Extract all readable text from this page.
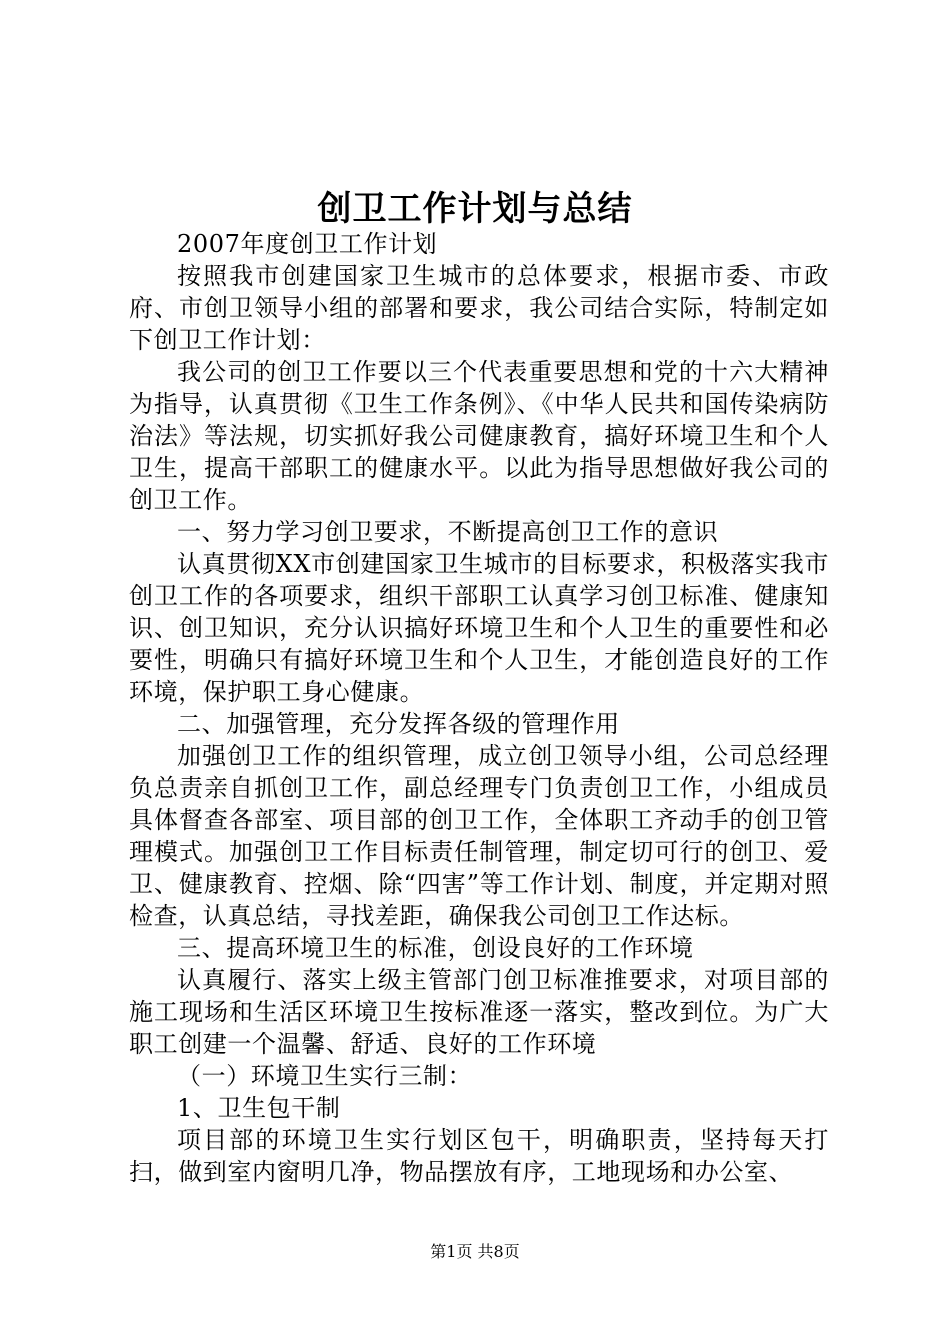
创卫工作计划与总结

2007年度创卫工作计划

按照我市创建国家卫生城市的总体要求，根据市委、市政府、市创卫领导小组的部署和要求，我公司结合实际，特制定如下创卫工作计划：

我公司的创卫工作要以三个代表重要思想和党的十六大精神为指导，认真贯彻《卫生工作条例》、《中华人民共和国传染病防治法》等法规，切实抓好我公司健康教育，搞好环境卫生和个人卫生，提高干部职工的健康水平。以此为指导思想做好我公司的创卫工作。

一、努力学习创卫要求，不断提高创卫工作的意识

认真贯彻XX市创建国家卫生城市的目标要求，积极落实我市创卫工作的各项要求，组织干部职工认真学习创卫标准、健康知识、创卫知识，充分认识搞好环境卫生和个人卫生的重要性和必要性，明确只有搞好环境卫生和个人卫生，才能创造良好的工作环境，保护职工身心健康。

二、加强管理，充分发挥各级的管理作用

加强创卫工作的组织管理，成立创卫领导小组，公司总经理负总责亲自抓创卫工作，副总经理专门负责创卫工作，小组成员具体督查各部室、项目部的创卫工作，全体职工齐动手的创卫管理模式。加强创卫工作目标责任制管理，制定切可行的创卫、爱卫、健康教育、控烟、除“四害”等工作计划、制度，并定期对照检查，认真总结，寻找差距，确保我公司创卫工作达标。

三、提高环境卫生的标准，创设良好的工作环境

认真履行、落实上级主管部门创卫标准推要求，对项目部的施工现场和生活区环境卫生按标准逐一落实，整改到位。为广大职工创建一个温馨、舒适、良好的工作环境

（一）环境卫生实行三制：

1、卫生包干制

项目部的环境卫生实行划区包干，明确职责，坚持每天打扫，做到室内窗明几净，物品摆放有序，工地现场和办公室、

第1页 共8页
